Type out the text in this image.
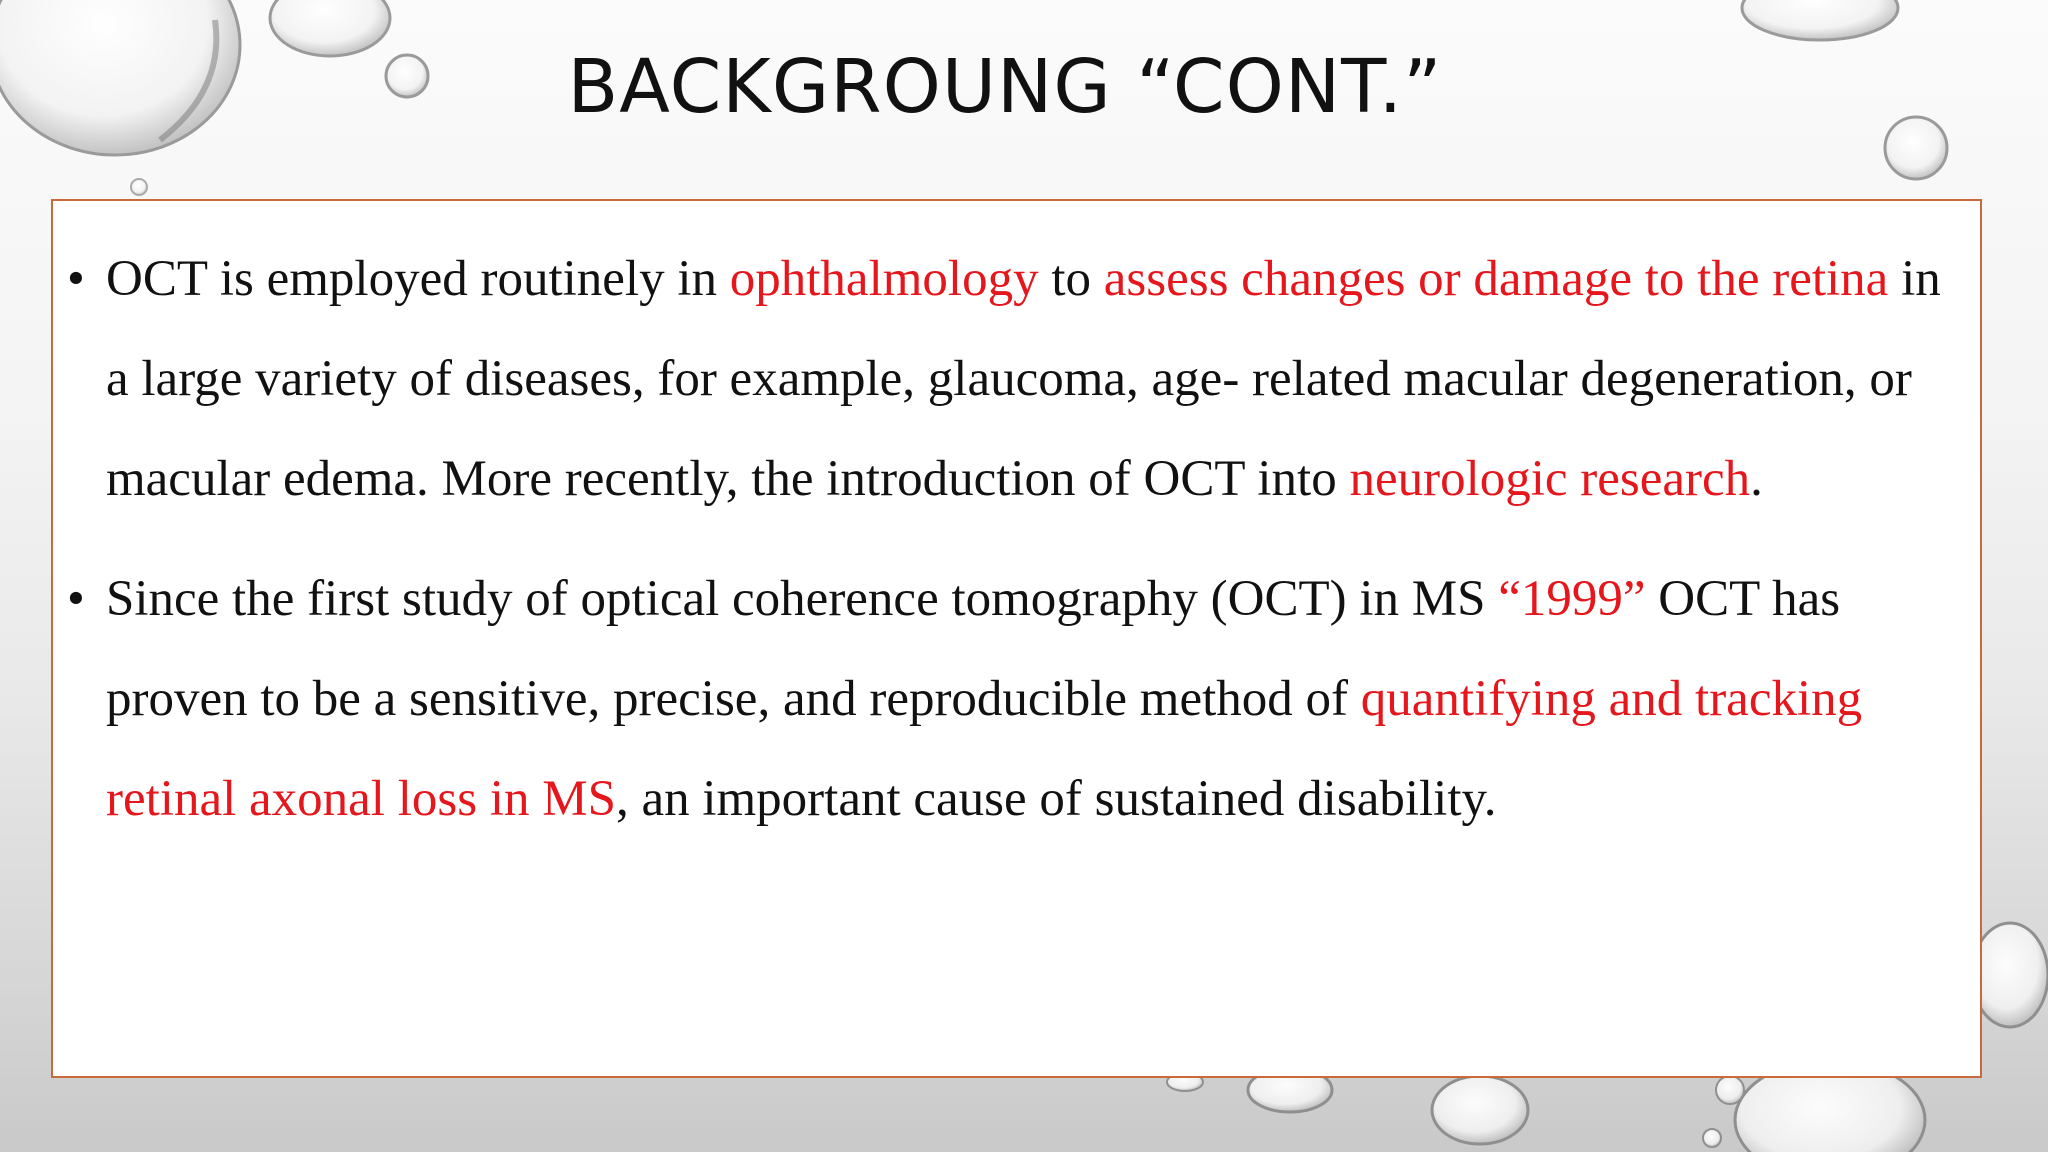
BACKGROUNG “CONT.”
• OCT is employed routinely in ophthalmology to assess changes or damage to the retina in a large variety of diseases, for example, glaucoma, age- related macular degeneration, or macular edema. More recently, the introduction of OCT into neurologic research.
• Since the first study of optical coherence tomography (OCT) in MS “1999” OCT has proven to be a sensitive, precise, and reproducible method of quantifying and tracking retinal axonal loss in MS, an important cause of sustained disability.
